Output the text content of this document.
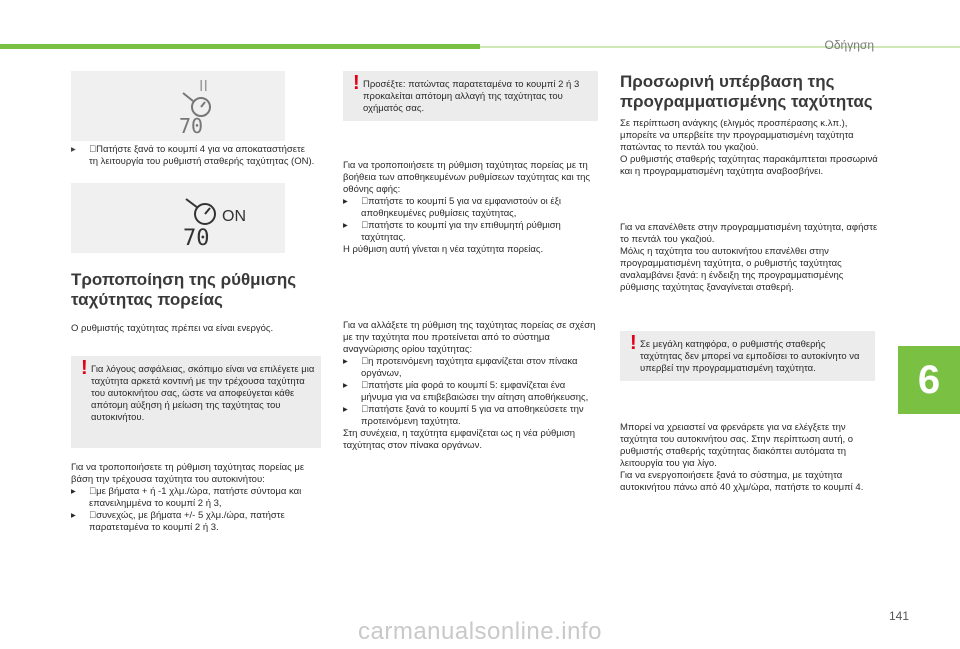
Οδήγηση
6
141
carmanualsonline.info
II
70

▸	Πατήστε ξανά το κουμπί 4 για να αποκαταστήσετε τη λειτουργία του ρυθμιστή σταθερής ταχύτητας (ON).

ON
70
Τροποποίηση της ρύθμισης
ταχύτητας πορείας

Ο ρυθμιστής ταχύτητας πρέπει να είναι ενεργός.

! Για λόγους ασφάλειας, σκόπιμο είναι να επιλέγετε μια ταχύτητα αρκετά κοντινή με την τρέχουσα ταχύτητα του αυτοκινήτου σας, ώστε να αποφεύγεται κάθε απότομη αύξηση ή μείωση της ταχύτητας του αυτοκινήτου.

Για να τροποποιήσετε τη ρύθμιση ταχύτητας πορείας με βάση την τρέχουσα ταχύτητα του αυτοκινήτου:

▸	με βήματα + ή -1 χλμ./ώρα, πατήστε σύντομα και επανειλημμένα το κουμπί 2 ή 3,

▸	συνεχώς, με βήματα +/- 5 χλμ./ώρα, πατήστε παρατεταμένα το κουμπί 2 ή 3.

! Προσέξτε: πατώντας παρατεταμένα το κουμπί 2 ή 3 προκαλείται απότομη αλλαγή της ταχύτητας του οχήματός σας.

Για να τροποποιήσετε τη ρύθμιση ταχύτητας πορείας με τη βοήθεια των αποθηκευμένων ρυθμίσεων ταχύτητας και της οθόνης αφής:

▸	πατήστε το κουμπί 5 για να εμφανιστούν οι έξι αποθηκευμένες ρυθμίσεις ταχύτητας,

▸	πατήστε το κουμπί για την επιθυμητή ρύθμιση ταχύτητας.

Η ρύθμιση αυτή γίνεται η νέα ταχύτητα πορείας.

Για να αλλάξετε τη ρύθμιση της ταχύτητας πορείας σε σχέση με την ταχύτητα που προτείνεται από το σύστημα αναγνώρισης ορίου ταχύτητας:

▸	η προτεινόμενη ταχύτητα εμφανίζεται στον πίνακα οργάνων,

▸	πατήστε μία φορά το κουμπί 5: εμφανίζεται ένα μήνυμα για να επιβεβαιώσει την αίτηση αποθήκευσης,

▸	πατήστε ξανά το κουμπί 5 για να αποθηκεύσετε την προτεινόμενη ταχύτητα.

Στη συνέχεια, η ταχύτητα εμφανίζεται ως η νέα ρύθμιση ταχύτητας στον πίνακα οργάνων.

Προσωρινή υπέρβαση της
προγραμματισμένης ταχύτητας

Σε περίπτωση ανάγκης (ελιγμός προσπέρασης κ.λπ.), μπορείτε να υπερβείτε την προγραμματισμένη ταχύτητα πατώντας το πεντάλ του γκαζιού.

Ο ρυθμιστής σταθερής ταχύτητας παρακάμπτεται προσωρινά και η προγραμματισμένη ταχύτητα αναβοσβήνει.

Για να επανέλθετε στην προγραμματισμένη ταχύτητα, αφήστε το πεντάλ του γκαζιού.

Μόλις η ταχύτητα του αυτοκινήτου επανέλθει στην προγραμματισμένη ταχύτητα, ο ρυθμιστής ταχύτητας αναλαμβάνει ξανά: η ένδειξη της προγραμματισμένης ρύθμισης ταχύτητας ξαναγίνεται σταθερή.

! Σε μεγάλη κατηφόρα, ο ρυθμιστής σταθερής ταχύτητας δεν μπορεί να εμποδίσει το αυτοκίνητο να υπερβεί την προγραμματισμένη ταχύτητα.

Μπορεί να χρειαστεί να φρενάρετε για να ελέγξετε την ταχύτητα του αυτοκινήτου σας. Στην περίπτωση αυτή, ο ρυθμιστής σταθερής ταχύτητας διακόπτει αυτόματα τη λειτουργία του για λίγο.

Για να ενεργοποιήσετε ξανά το σύστημα, με ταχύτητα αυτοκινήτου πάνω από 40 χλμ/ώρα, πατήστε το κουμπί 4.
